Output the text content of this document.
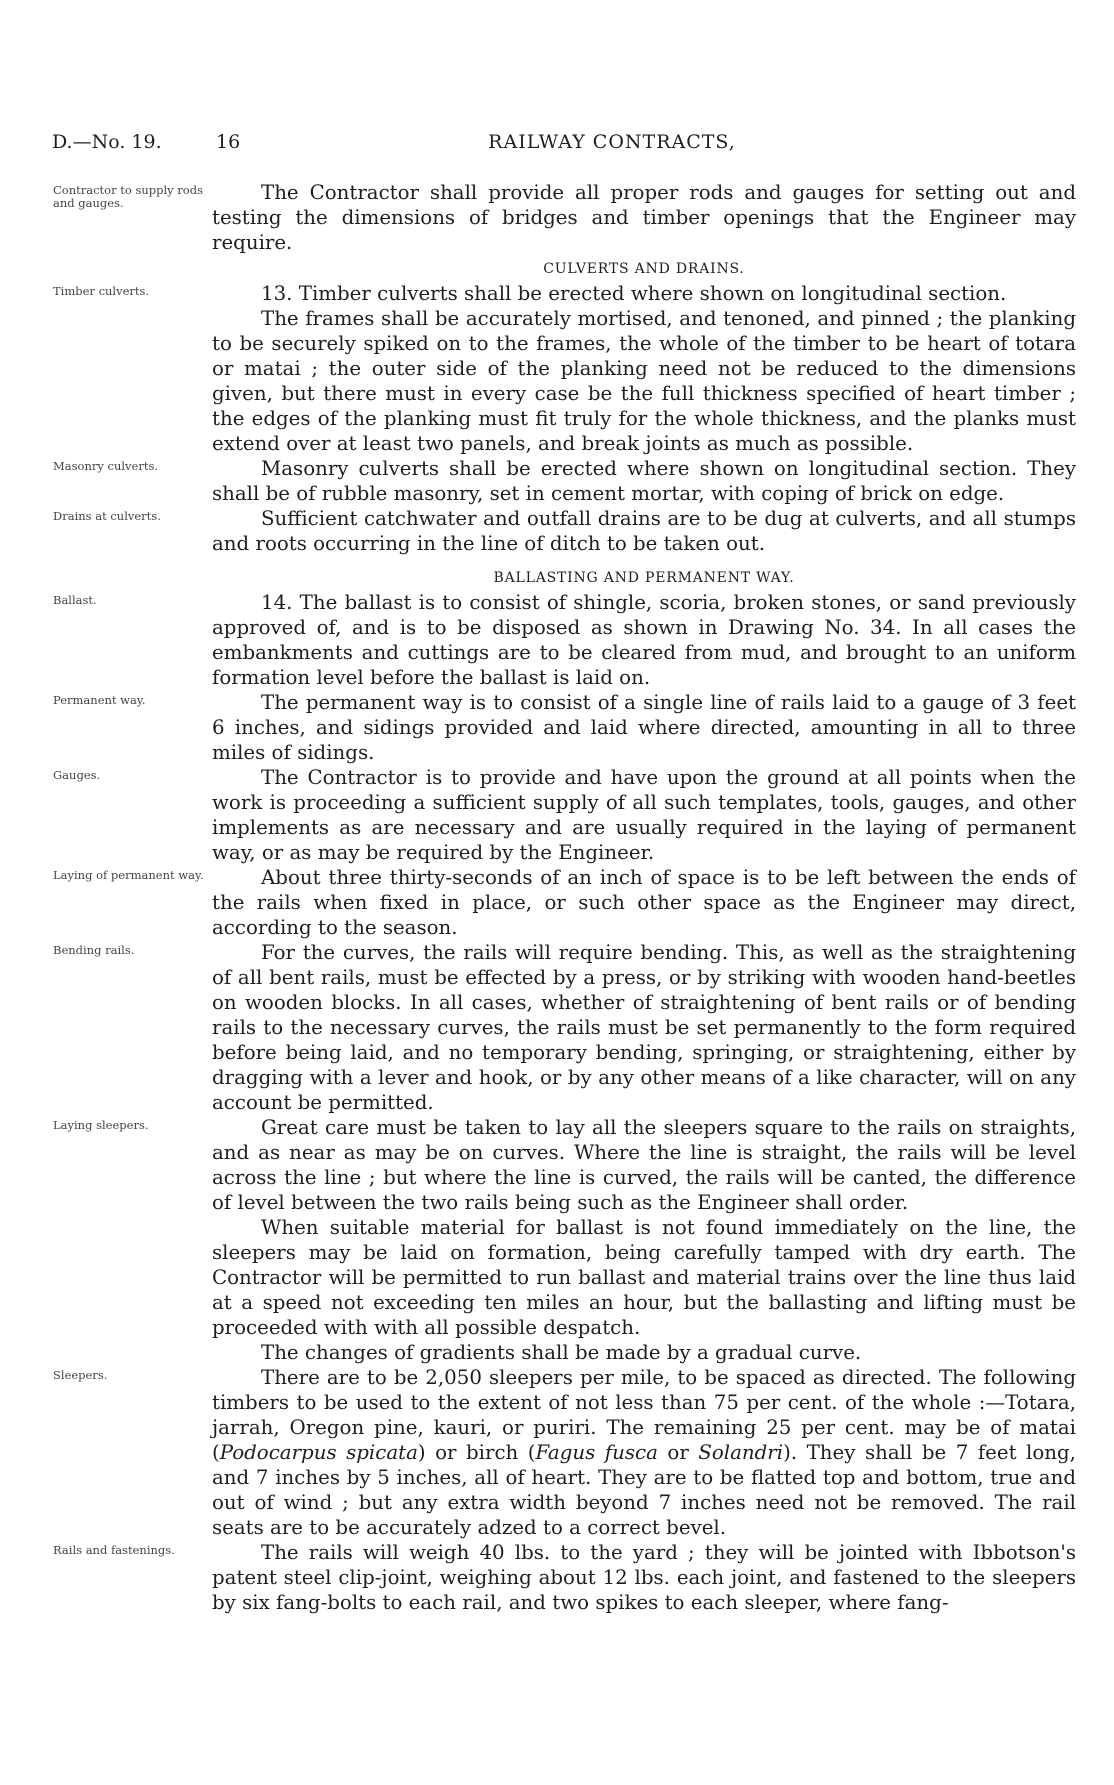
D.—No. 19.	16	RAILWAY CONTRACTS,
Contractor to supply rods and gauges.	The Contractor shall provide all proper rods and gauges for setting out and testing the dimensions of bridges and timber openings that the Engineer may require.

CULVERTS AND DRAINS.
Timber culverts.	13. Timber culverts shall be erected where shown on longitudinal section.

The frames shall be accurately mortised, and tenoned, and pinned ; the planking to be securely spiked on to the frames, the whole of the timber to be heart of totara or matai ; the outer side of the planking need not be reduced to the dimensions given, but there must in every case be the full thickness specified of heart timber ; the edges of the planking must fit truly for the whole thickness, and the planks must extend over at least two panels, and break joints as much as possible.

Masonry culverts.	Masonry culverts shall be erected where shown on longitudinal section. They shall be of rubble masonry, set in cement mortar, with coping of brick on edge.

Drains at culverts.	Sufficient catchwater and outfall drains are to be dug at culverts, and all stumps and roots occurring in the line of ditch to be taken out.

BALLASTING AND PERMANENT WAY.
Ballast.	14. The ballast is to consist of shingle, scoria, broken stones, or sand previously approved of, and is to be disposed as shown in Drawing No. 34. In all cases the embankments and cuttings are to be cleared from mud, and brought to an uniform formation level before the ballast is laid on.

Permanent way.	The permanent way is to consist of a single line of rails laid to a gauge of 3 feet 6 inches, and sidings provided and laid where directed, amounting in all to three miles of sidings.

Gauges.	The Contractor is to provide and have upon the ground at all points when the work is proceeding a sufficient supply of all such templates, tools, gauges, and other implements as are necessary and are usually required in the laying of permanent way, or as may be required by the Engineer.

Laying of permanent way.	About three thirty-seconds of an inch of space is to be left between the ends of the rails when fixed in place, or such other space as the Engineer may direct, according to the season.

Bending rails.	For the curves, the rails will require bending. This, as well as the straightening of all bent rails, must be effected by a press, or by striking with wooden hand-beetles on wooden blocks. In all cases, whether of straightening of bent rails or of bending rails to the necessary curves, the rails must be set permanently to the form required before being laid, and no temporary bending, springing, or straightening, either by dragging with a lever and hook, or by any other means of a like character, will on any account be permitted.

Laying sleepers.	Great care must be taken to lay all the sleepers square to the rails on straights, and as near as may be on curves. Where the line is straight, the rails will be level across the line ; but where the line is curved, the rails will be canted, the difference of level between the two rails being such as the Engineer shall order.

When suitable material for ballast is not found immediately on the line, the sleepers may be laid on formation, being carefully tamped with dry earth. The Contractor will be permitted to run ballast and material trains over the line thus laid at a speed not exceeding ten miles an hour, but the ballasting and lifting must be proceeded with with all possible despatch.

The changes of gradients shall be made by a gradual curve.

Sleepers.	There are to be 2,050 sleepers per mile, to be spaced as directed. The following timbers to be used to the extent of not less than 75 per cent. of the whole :—Totara, jarrah, Oregon pine, kauri, or puriri. The remaining 25 per cent. may be of matai (Podocarpus spicata) or birch (Fagus fusca or Solandri). They shall be 7 feet long, and 7 inches by 5 inches, all of heart. They are to be flatted top and bottom, true and out of wind ; but any extra width beyond 7 inches need not be removed. The rail seats are to be accurately adzed to a correct bevel.

Rails and fastenings.	The rails will weigh 40 lbs. to the yard ; they will be jointed with Ibbotson's patent steel clip-joint, weighing about 12 lbs. each joint, and fastened to the sleepers by six fang-bolts to each rail, and two spikes to each sleeper, where fang-
